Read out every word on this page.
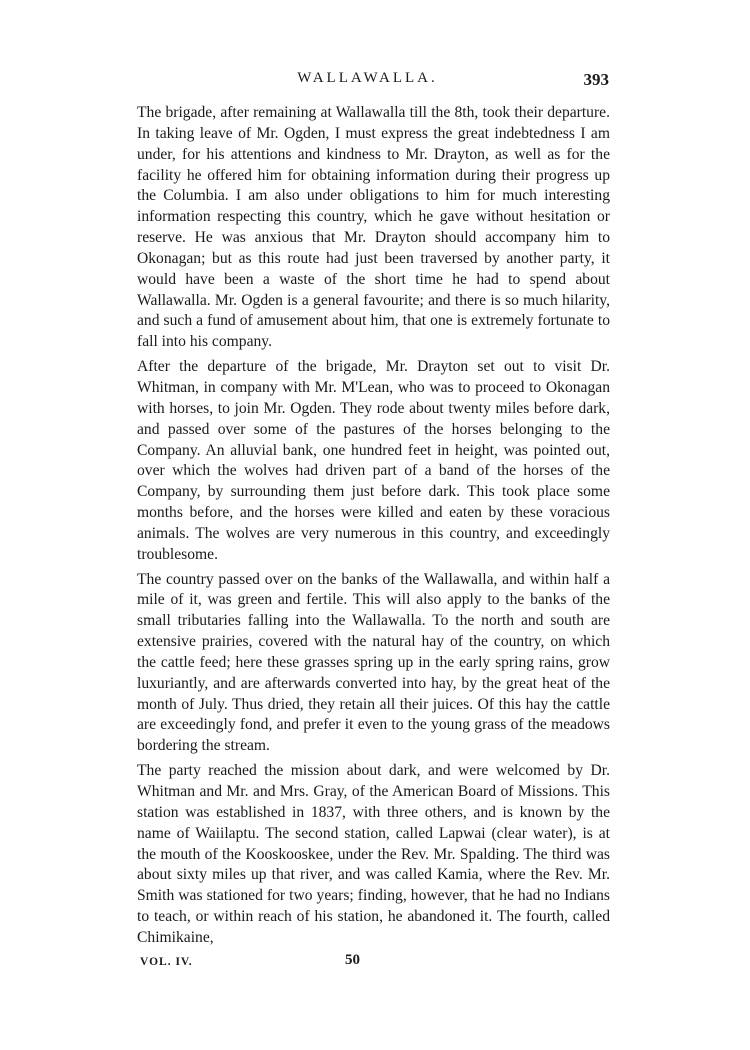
WALLAWALLA.	393

The brigade, after remaining at Wallawalla till the 8th, took their departure. In taking leave of Mr. Ogden, I must express the great indebtedness I am under, for his attentions and kindness to Mr. Drayton, as well as for the facility he offered him for obtaining information during their progress up the Columbia. I am also under obligations to him for much interesting information respecting this country, which he gave without hesitation or reserve. He was anxious that Mr. Drayton should accompany him to Okonagan; but as this route had just been traversed by another party, it would have been a waste of the short time he had to spend about Wallawalla. Mr. Ogden is a general favourite; and there is so much hilarity, and such a fund of amusement about him, that one is extremely fortunate to fall into his company.

After the departure of the brigade, Mr. Drayton set out to visit Dr. Whitman, in company with Mr. M'Lean, who was to proceed to Okonagan with horses, to join Mr. Ogden. They rode about twenty miles before dark, and passed over some of the pastures of the horses belonging to the Company. An alluvial bank, one hundred feet in height, was pointed out, over which the wolves had driven part of a band of the horses of the Company, by surrounding them just before dark. This took place some months before, and the horses were killed and eaten by these voracious animals. The wolves are very numerous in this country, and exceedingly troublesome.

The country passed over on the banks of the Wallawalla, and within half a mile of it, was green and fertile. This will also apply to the banks of the small tributaries falling into the Wallawalla. To the north and south are extensive prairies, covered with the natural hay of the country, on which the cattle feed; here these grasses spring up in the early spring rains, grow luxuriantly, and are afterwards converted into hay, by the great heat of the month of July. Thus dried, they retain all their juices. Of this hay the cattle are exceedingly fond, and prefer it even to the young grass of the meadows bordering the stream.

The party reached the mission about dark, and were welcomed by Dr. Whitman and Mr. and Mrs. Gray, of the American Board of Missions. This station was established in 1837, with three others, and is known by the name of Waiilaptu. The second station, called Lapwai (clear water), is at the mouth of the Kooskooskee, under the Rev. Mr. Spalding. The third was about sixty miles up that river, and was called Kamia, where the Rev. Mr. Smith was stationed for two years; finding, however, that he had no Indians to teach, or within reach of his station, he abandoned it. The fourth, called Chimikaine,

VOL. IV.	50
